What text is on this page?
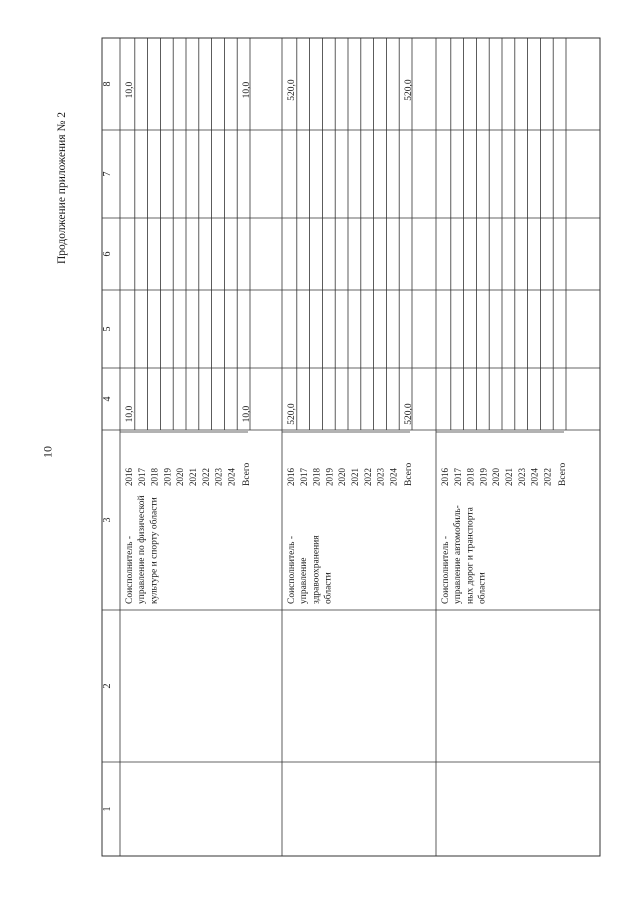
10
Продолжение приложения № 2
1
2
3
4
5
6
7
8
Соисполнитель - управление по физической культуре и спорту области
2016
10,0
10,0
2017 2018 2019 2020 2021 2022 2023 2024 Всего
10,0
10,0
Соисполнитель - управление здравоохранения области
2016
520,0
520,0
2017 2018 2019 2020 2021 2022 2023 2024 Всего
520,0
520,0
Соисполнитель - управление автомобиль- ных дорог и транспорта области
2016 2017 2018 2019 2020 2021 2023 2024 2022 Всего
